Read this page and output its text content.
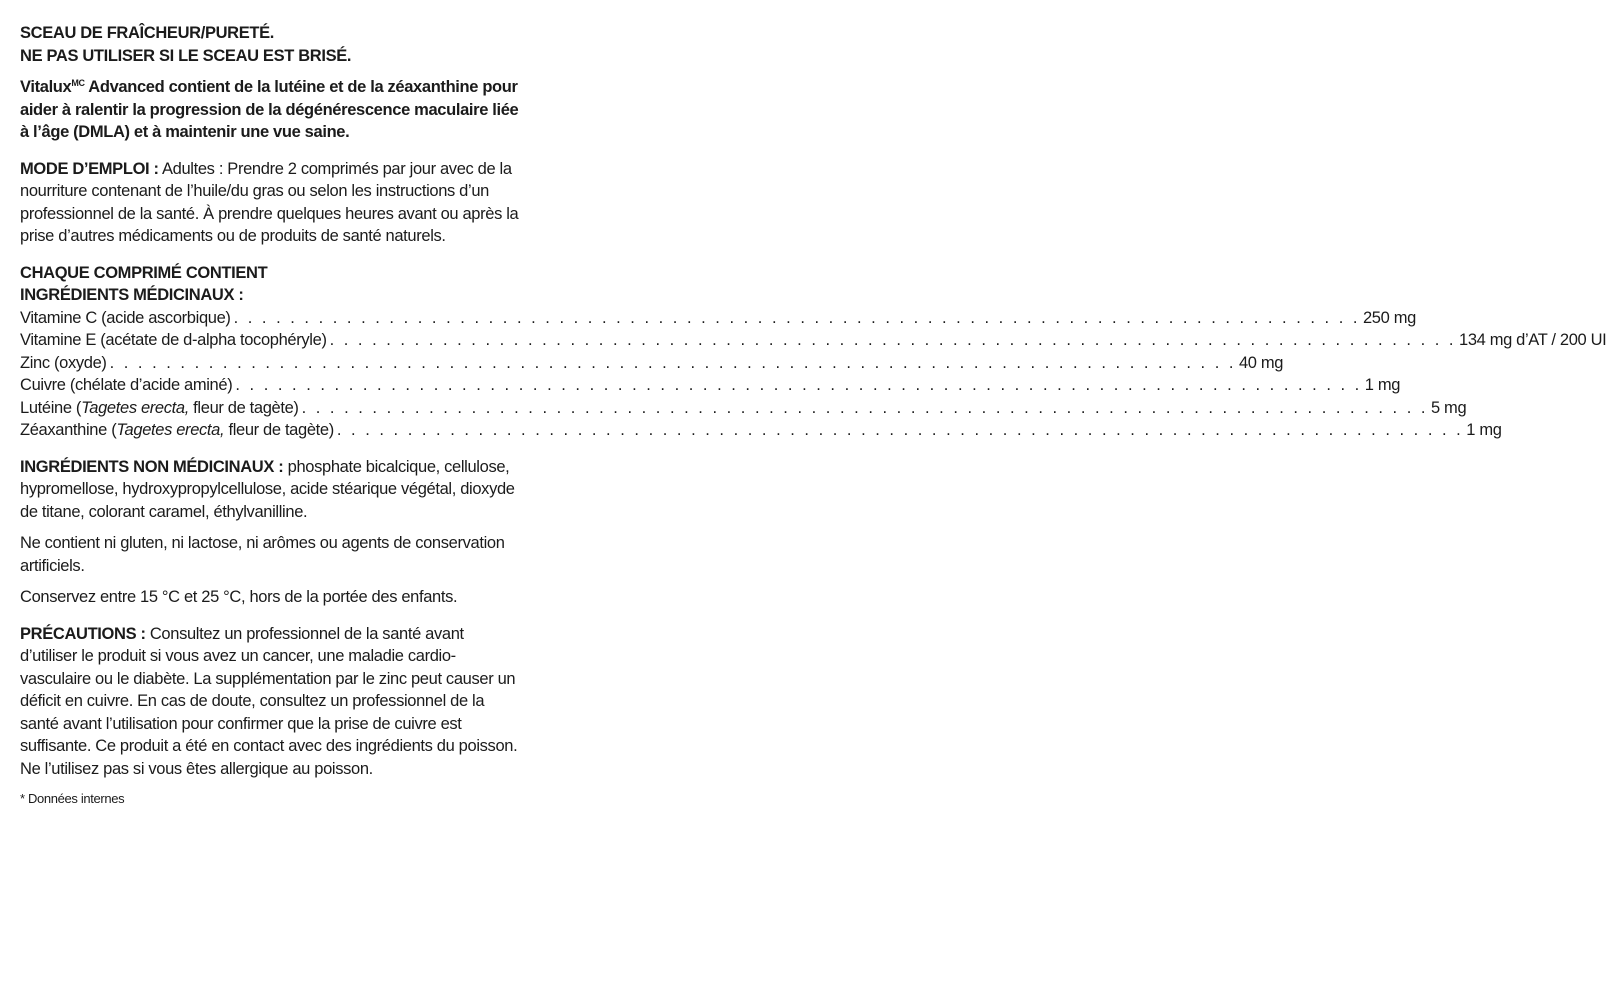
SCEAU DE FRAÎCHEUR/PURETÉ.
NE PAS UTILISER SI LE SCEAU EST BRISÉ.

Vitalux$^{MC}$ Advanced contient de la lutéine et de la zéaxanthine pour aider à ralentir la progression de la dégénérescence maculaire liée à l’âge (DMLA) et à maintenir une vue saine.

MODE D’EMPLOI : Adultes : Prendre 2 comprimés par jour avec de la nourriture contenant de l’huile/du gras ou selon les instructions d’un professionnel de la santé. À prendre quelques heures avant ou après la prise d’autres médicaments ou de produits de santé naturels.

CHAQUE COMPRIMÉ CONTIENT
INGRÉDIENTS MÉDICINAUX :
Vitamine C (acide ascorbique) . . . . . . . . . . . . . . . . . . . . . . . . . . . . . . . . . . . . . . . . . . . . . . . . . . . . . . . . . . . . . . . . . . . . . . . . . . . . . . . . 250 mg
Vitamine E (acétate de d-alpha tocophéryle) . . . . . . . . . . . . . . . . . . . . . . . . . . . . . . . . . . . . . . . . . . . . . . . . . . . . . . . . . . . . . . . . . . . . . . . . . . . . . . . . 134 mg d’AT / 200 UI
Zinc (oxyde) . . . . . . . . . . . . . . . . . . . . . . . . . . . . . . . . . . . . . . . . . . . . . . . . . . . . . . . . . . . . . . . . . . . . . . . . . . . . . . . . 40 mg
Cuivre (chélate d’acide aminé) . . . . . . . . . . . . . . . . . . . . . . . . . . . . . . . . . . . . . . . . . . . . . . . . . . . . . . . . . . . . . . . . . . . . . . . . . . . . . . . . 1 mg
Lutéine (Tagetes erecta, fleur de tagète) . . . . . . . . . . . . . . . . . . . . . . . . . . . . . . . . . . . . . . . . . . . . . . . . . . . . . . . . . . . . . . . . . . . . . . . . . . . . . . . . 5 mg
Zéaxanthine (Tagetes erecta, fleur de tagète) . . . . . . . . . . . . . . . . . . . . . . . . . . . . . . . . . . . . . . . . . . . . . . . . . . . . . . . . . . . . . . . . . . . . . . . . . . . . . . . . 1 mg

INGRÉDIENTS NON MÉDICINAUX : phosphate bicalcique, cellulose, hypromellose, hydroxypropylcellulose, acide stéarique végétal, dioxyde de titane, colorant caramel, éthylvanilline.

Ne contient ni gluten, ni lactose, ni arômes ou agents de conservation artificiels.

Conservez entre 15 °C et 25 °C, hors de la portée des enfants.

PRÉCAUTIONS : Consultez un professionnel de la santé avant d’utiliser le produit si vous avez un cancer, une maladie cardio-vasculaire ou le diabète. La supplémentation par le zinc peut causer un déficit en cuivre. En cas de doute, consultez un professionnel de la santé avant l’utilisation pour confirmer que la prise de cuivre est suffisante. Ce produit a été en contact avec des ingrédients du poisson. Ne l’utilisez pas si vous êtes allergique au poisson.

* Données internes
